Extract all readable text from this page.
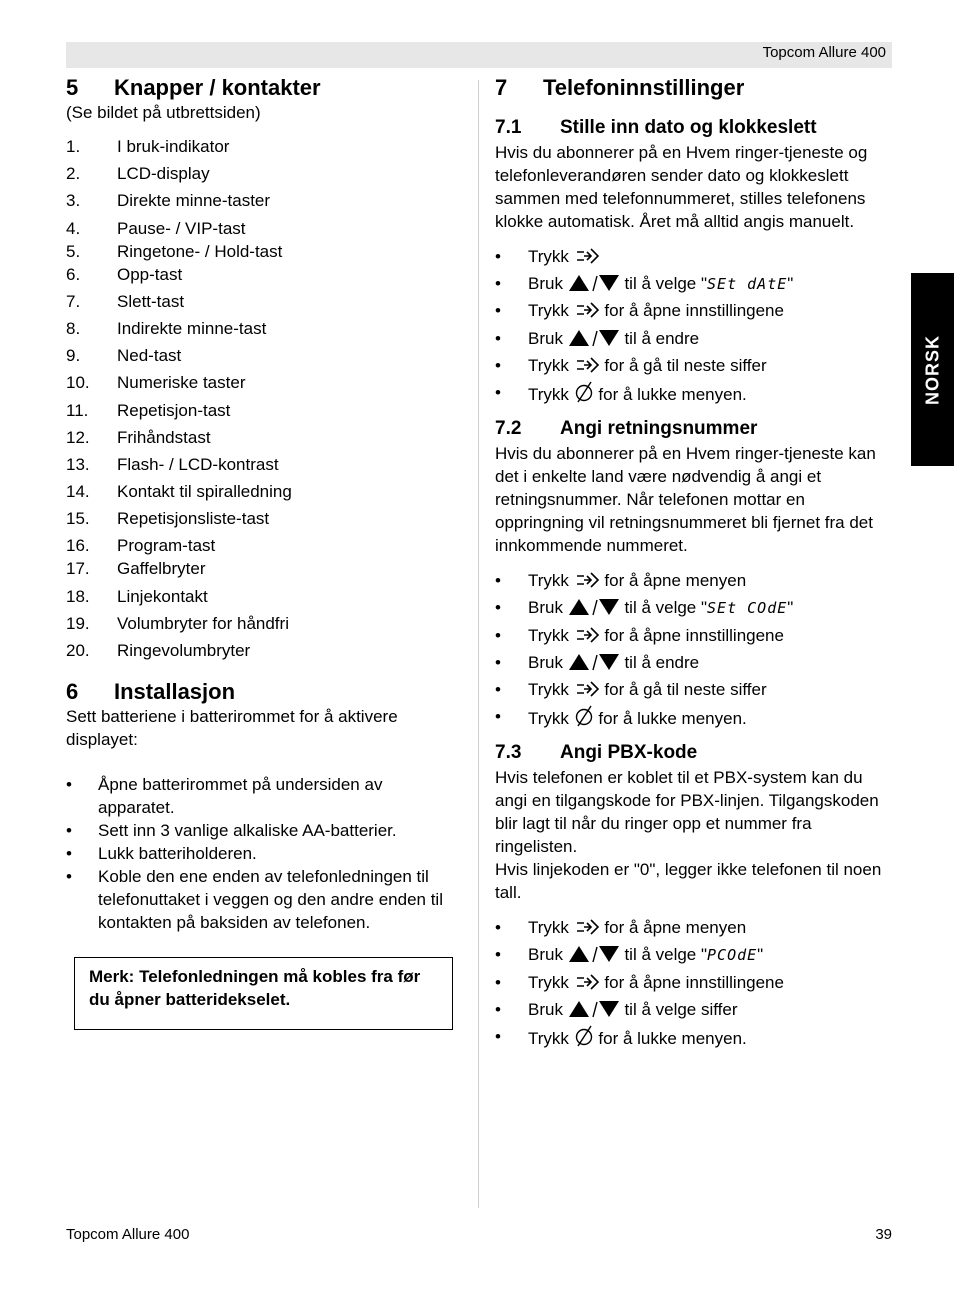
Topcom Allure 400
NORSK
5 Knapper / kontakter

(Se bildet på utbrettsiden)

1. I bruk-indikator
2. LCD-display
3. Direkte minne-taster
4. Pause- / VIP-tast
5. Ringetone- / Hold-tast
6. Opp-tast
7. Slett-tast
8. Indirekte minne-tast
9. Ned-tast
10. Numeriske taster
11. Repetisjon-tast
12. Frihåndstast
13. Flash- / LCD-kontrast
14. Kontakt til spiralledning
15. Repetisjonsliste-tast
16. Program-tast
17. Gaffelbryter
18. Linjekontakt
19. Volumbryter for håndfri
20. Ringevolumbryter
6 Installasjon

Sett batteriene i batterirommet for å aktivere displayet:

• Åpne batterirommet på undersiden av apparatet.
• Sett inn 3 vanlige alkaliske AA-batterier.
• Lukk batteriholderen.
• Koble den ene enden av telefonledningen til telefonuttaket i veggen og den andre enden til kontakten på baksiden av telefonen.
Merk: Telefonledningen må kobles fra før du åpner batteridekselet.
7 Telefoninnstillinger
7.1 Stille inn dato og klokkeslett

Hvis du abonnerer på en Hvem ringer-tjeneste og telefonleverandøren sender dato og klokkeslett sammen med telefonnummeret, stilles telefonens klokke automatisk. Året må alltid angis manuelt.

• Trykk
• Bruk	til å velge "SEt dAtE"
• Trykk for å åpne innstillingene
• Bruk	til å endre
• Trykk for å gå til neste siffer
• Trykk for å lukke menyen.
7.2 Angi retningsnummer

Hvis du abonnerer på en Hvem ringer-tjeneste kan det i enkelte land være nødvendig å angi et retningsnummer. Når telefonen mottar en oppringning vil retningsnummeret bli fjernet fra det innkommende nummeret.

• Trykk for å åpne menyen
• Bruk	til å velge "SEt COdE"
• Trykk for å åpne innstillingene
• Bruk	til å endre
• Trykk for å gå til neste siffer
• Trykk for å lukke menyen.
7.3 Angi PBX-kode

Hvis telefonen er koblet til et PBX-system kan du angi en tilgangskode for PBX-linjen. Tilgangskoden blir lagt til når du ringer opp et nummer fra ringelisten.

Hvis linjekoden er "0", legger ikke telefonen til noen tall.

• Trykk for å åpne menyen
• Bruk	til å velge "PCOdE"
• Trykk for å åpne innstillingene
• Bruk	til å velge siffer
• Trykk for å lukke menyen.
Topcom Allure 400	39
